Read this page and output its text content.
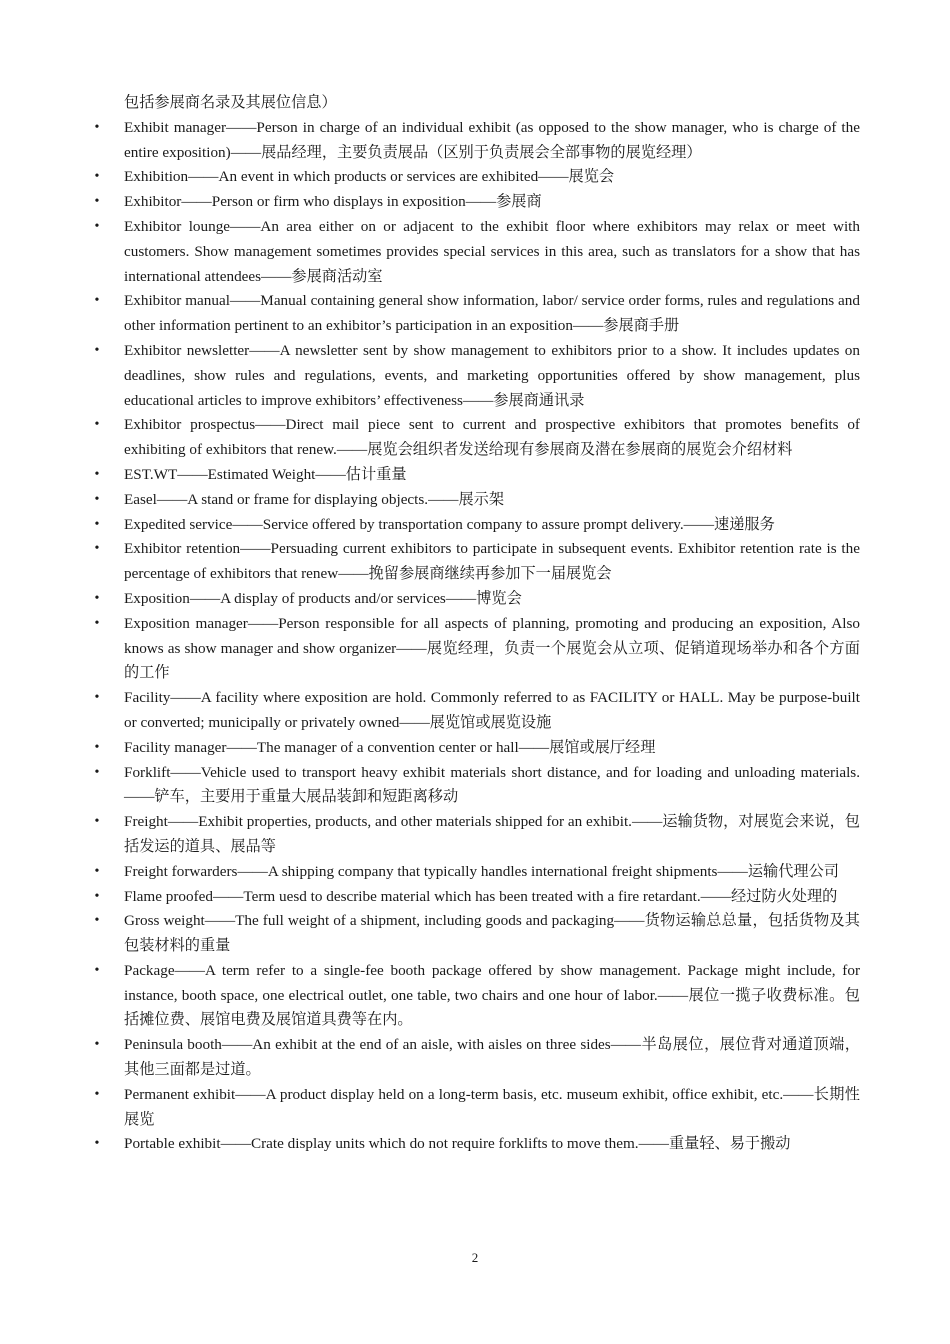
包括参展商名录及其展位信息）
• Exhibit manager——Person in charge of an individual exhibit (as opposed to the show manager, who is charge of the entire exposition)——展品经理，主要负责展品（区别于负责展会全部事物的展览经理）
• Exhibition——An event in which products or services are exhibited——展览会
• Exhibitor——Person or firm who displays in exposition——参展商
• Exhibitor lounge——An area either on or adjacent to the exhibit floor where exhibitors may relax or meet with customers. Show management sometimes provides special services in this area, such as translators for a show that has international attendees——参展商活动室
• Exhibitor manual——Manual containing general show information, labor/ service order forms, rules and regulations and other information pertinent to an exhibitor’s participation in an exposition——参展商手册
• Exhibitor newsletter——A newsletter sent by show management to exhibitors prior to a show. It includes updates on deadlines, show rules and regulations, events, and marketing opportunities offered by show management, plus educational articles to improve exhibitors’ effectiveness——参展商通讯录
• Exhibitor prospectus——Direct mail piece sent to current and prospective exhibitors that promotes benefits of exhibiting of exhibitors that renew.——展览会组织者发送给现有参展商及潜在参展商的展览会介绍材料
• EST.WT——Estimated Weight——估计重量
• Easel——A stand or frame for displaying objects.——展示架
• Expedited service——Service offered by transportation company to assure prompt delivery.——速递服务
• Exhibitor retention——Persuading current exhibitors to participate in subsequent events. Exhibitor retention rate is the percentage of exhibitors that renew——挽留参展商继续再参加下一届展览会
• Exposition——A display of products and/or services——博览会
• Exposition manager——Person responsible for all aspects of planning, promoting and producing an exposition, Also knows as show manager and show organizer——展览经理，负责一个展览会从立项、促销道现场举办和各个方面的工作
• Facility——A facility where exposition are hold. Commonly referred to as FACILITY or HALL. May be purpose-built or converted; municipally or privately owned——展览馆或展览设施
• Facility manager——The manager of a convention center or hall——展馆或展厅经理
• Forklift——Vehicle used to transport heavy exhibit materials short distance, and for loading and unloading materials.——铲车，主要用于重量大展品装卸和短距离移动
• Freight——Exhibit properties, products, and other materials shipped for an exhibit.——运输货物，对展览会来说，包括发运的道具、展品等
• Freight forwarders——A shipping company that typically handles international freight shipments——运输代理公司
• Flame proofed——Term uesd to describe material which has been treated with a fire retardant.——经过防火处理的
• Gross weight——The full weight of a shipment, including goods and packaging——货物运输总总量，包括货物及其包装材料的重量
• Package——A term refer to a single-fee booth package offered by show management. Package might include, for instance, booth space, one electrical outlet, one table, two chairs and one hour of labor.——展位一揽子收费标准。包括摊位费、展馆电费及展馆道具费等在内。
• Peninsula booth——An exhibit at the end of an aisle, with aisles on three sides——半岛展位，展位背对通道顶端，其他三面都是过道。
• Permanent exhibit——A product display held on a long-term basis, etc. museum exhibit, office exhibit, etc.——长期性展览
• Portable exhibit——Crate display units which do not require forklifts to move them.——重量轻、易于搬动
2
